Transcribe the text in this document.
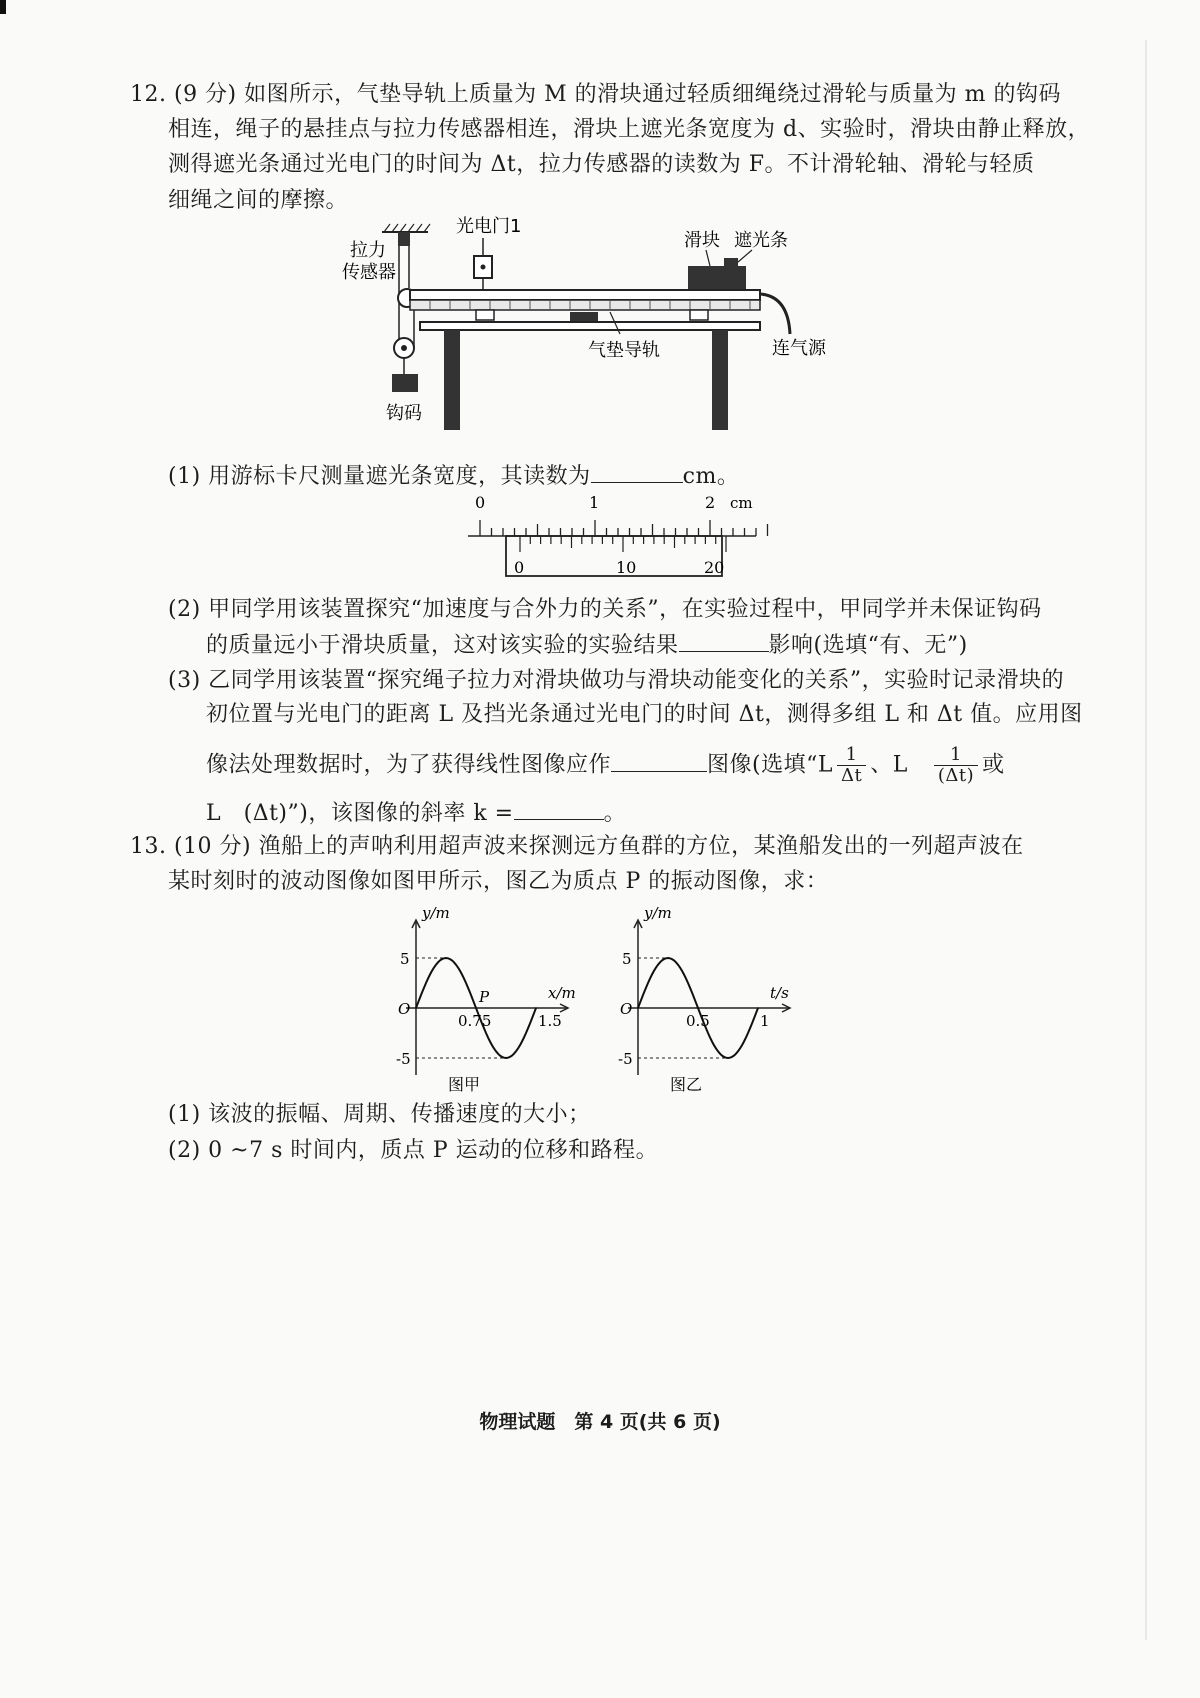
12. (9 分) 如图所示，气垫导轨上质量为 M 的滑块通过轻质细绳绕过滑轮与质量为 m 的钩码
相连，绳子的悬挂点与拉力传感器相连，滑块上遮光条宽度为 d、实验时，滑块由静止释放，
测得遮光条通过光电门的时间为 Δt，拉力传感器的读数为 F。不计滑轮轴、滑轮与轻质
细绳之间的摩擦。
拉力
传感器
钩码
光电门1
滑块 遮光条
连气源
气垫导轨
(1) 用游标卡尺测量遮光条宽度，其读数为	cm。
0	1	2 cm
0	10	20
(2) 甲同学用该装置探究“加速度与合外力的关系”，在实验过程中，甲同学并未保证钩码
的质量远小于滑块质量，这对该实验的实验结果	影响(选填“有、无”)
(3) 乙同学用该装置“探究绳子拉力对滑块做功与滑块动能变化的关系”，实验时记录滑块的
初位置与光电门的距离 L 及挡光条通过光电门的时间 Δt，测得多组 L 和 Δt 值。应用图
像法处理数据时，为了获得线性图像应作	图像(选填“$L \frac{1}{\Delta t}$ 、L $\frac{1}{(\Delta t)}$ 或
L　(Δt)”)，该图像的斜率 k =	。
13. (10 分) 渔船上的声呐利用超声波来探测远方鱼群的方位，某渔船发出的一列超声波在
某时刻时的波动图像如图甲所示，图乙为质点 P 的振动图像，求：
y/m
x/m
O
5
-5
0.75	1.5
P
图甲
y/m
t/s
O
5
-5
0.5	1
图乙
(1) 该波的振幅、周期、传播速度的大小；
(2) 0 ~7 s 时间内，质点 P 运动的位移和路程。
物理试题　第 4 页(共 6 页)
